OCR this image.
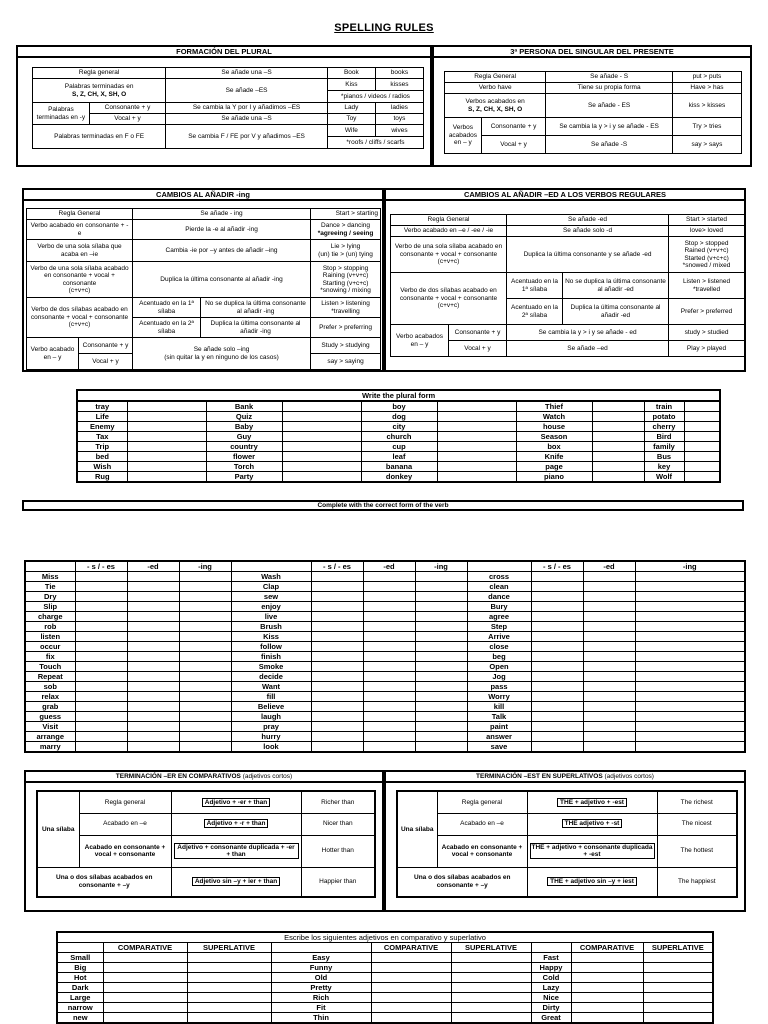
SPELLING RULES
FORMACIÓN DEL PLURAL
Regla general		Se añade una –S	Book	books
Palabras terminadas en
S, Z, CH, X, SH, O		Se añade –ES	Kiss	kisses
			*pianos / videos / radios	
Palabras terminadas en -y	Consonante + y	Se cambia la Y por I y añadimos –ES	Lady	ladies
	Vocal + y	Se añade una –S	Toy	toys
Palabras terminadas en F o FE		Se cambia F / FE por V y añadimos –ES	Wife	wives
			*roofs / cliffs / scarfs	
3ª PERSONA DEL SINGULAR DEL PRESENTE
Regla General		Se añade - S	put > puts
Verbo have		Tiene su propia forma	Have > has
Verbos acabados en
S, Z, CH, X, SH, O		Se añade - ES	kiss > kisses
Verbos acabados en – y	Consonante + y	Se cambia la y > i y se añade - ES	Try > tries
	Vocal + y	Se añade -S	say > says
CAMBIOS AL AÑADIR -ing
Regla General		Se añade - ing		Start > starting
Verbo acabado en consonante + - e		Pierde la -e al añadir -ing		Dance > dancing
*agreeing / seeing
Verbo de una sola sílaba que acaba en –ie		Cambia -ie por –y antes de añadir –ing		Lie > lying
(un) tie > (un) tying
Verbo de una sola sílaba acabado en consonante + vocal + consonante
(c+v+c)		Duplica la última consonante al añadir -ing		Stop > stopping
Raining (v+v+c)
Starting (v+c+c)
*snowing / mixing
Verbo de dos sílabas acabado en consonante + vocal + consonante
(c+v+c)		Acentuado en la 1ª sílaba	No se duplica la última consonante al añadir -ing	Listen > listening
*travelling
		Acentuado en la 2ª sílaba	Duplica la última consonante al añadir -ing	Prefer > preferring
Verbo acabado en – y	Consonante + y	Se añade solo –ing
(sin quitar la y en ninguno de los casos)		Study > studying
	Vocal + y			say > saying
CAMBIOS AL AÑADIR –ED A LOS VERBOS REGULARES
Regla General		Se añade -ed		Start > started
Verbo acabado en –e / -ee / -ie		Se añade solo -d		love> loved
Verbo de una sola sílaba acabado en consonante + vocal + consonante
(c+v+c)		Duplica la última consonante y se añade -ed		Stop > stopped
Rained (v+v+c)
Started (v+c+c)
*snowed / mixed
Verbo de dos sílabas acabado en consonante + vocal + consonante
(c+v+c)		Acentuado en la 1ª sílaba	No se duplica la última consonante al añadir -ed	Listen > listened
*travelled
		Acentuado en la 2ª sílaba	Duplica la última consonante al añadir -ed	Prefer > preferred
Verbo acabados en – y	Consonante + y	Se cambia la y > i y se añade - ed		study > studied
	Vocal + y	Se añade –ed		Play > played
Write the plural form									
tray		Bank		boy		Thief		train	
Life		Quiz		dog		Watch		potato	
Enemy		Baby		city		house		cherry	
Tax		Guy		church		Season		Bird	
Trip		country		cup		box		family	
bed		flower		leaf		Knife		Bus	
Wish		Torch		banana		page		key	
Rug		Party		donkey		piano		Wolf	
Complete with the correct form of the verb
	- s / - es	-ed	-ing		- s / - es	-ed	-ing		- s / - es	-ed	-ing
Miss				Wash				cross			
Tie				Clap				clean			
Dry				sew				dance			
Slip				enjoy				Bury			
charge				live				agree			
rob				Brush				Step			
listen				Kiss				Arrive			
occur				follow				close			
fix				finish				beg			
Touch				Smoke				Open			
Repeat				decide				Jog			
sob				Want				pass			
relax				fill				Worry			
grab				Believe				kill			
guess				laugh				Talk			
Visit				pray				paint			
arrange				hurry				answer			
marry				look				save			
TERMINACIÓN –ER EN COMPARATIVOS (adjetivos cortos)
Una sílaba	Regla general	Adjetivo + -er + than	Richer than
	Acabado en –e	Adjetivo + -r + than	Nicer than
	Acabado en consonante + vocal + consonante	Adjetivo + consonante duplicada + -er + than	Hotter than
Una o dos sílabas acabados en consonante + –y		Adjetivo sin –y + ier + than	Happier than
TERMINACIÓN –EST EN SUPERLATIVOS (adjetivos cortos)
Una sílaba	Regla general	THE + adjetivo + -est	The richest
	Acabado en –e	THE adjetivo + -st	The nicest
	Acabado en consonante + vocal + consonante	THE + adjetivo + consonante duplicada + -est	The hottest
Una o dos sílabas acabados en consonante + –y		THE + adjetivo sin –y + iest	The happiest
Escribe los siguientes adjetivos en comparativo y superlativo								
	COMPARATIVE	SUPERLATIVE		COMPARATIVE	SUPERLATIVE		COMPARATIVE	SUPERLATIVE
Small			Easy			Fast		
Big			Funny			Happy		
Hot			Old			Cold		
Dark			Pretty			Lazy		
Large			Rich			Nice		
narrow			Fit			Dirty		
new			Thin			Great		
